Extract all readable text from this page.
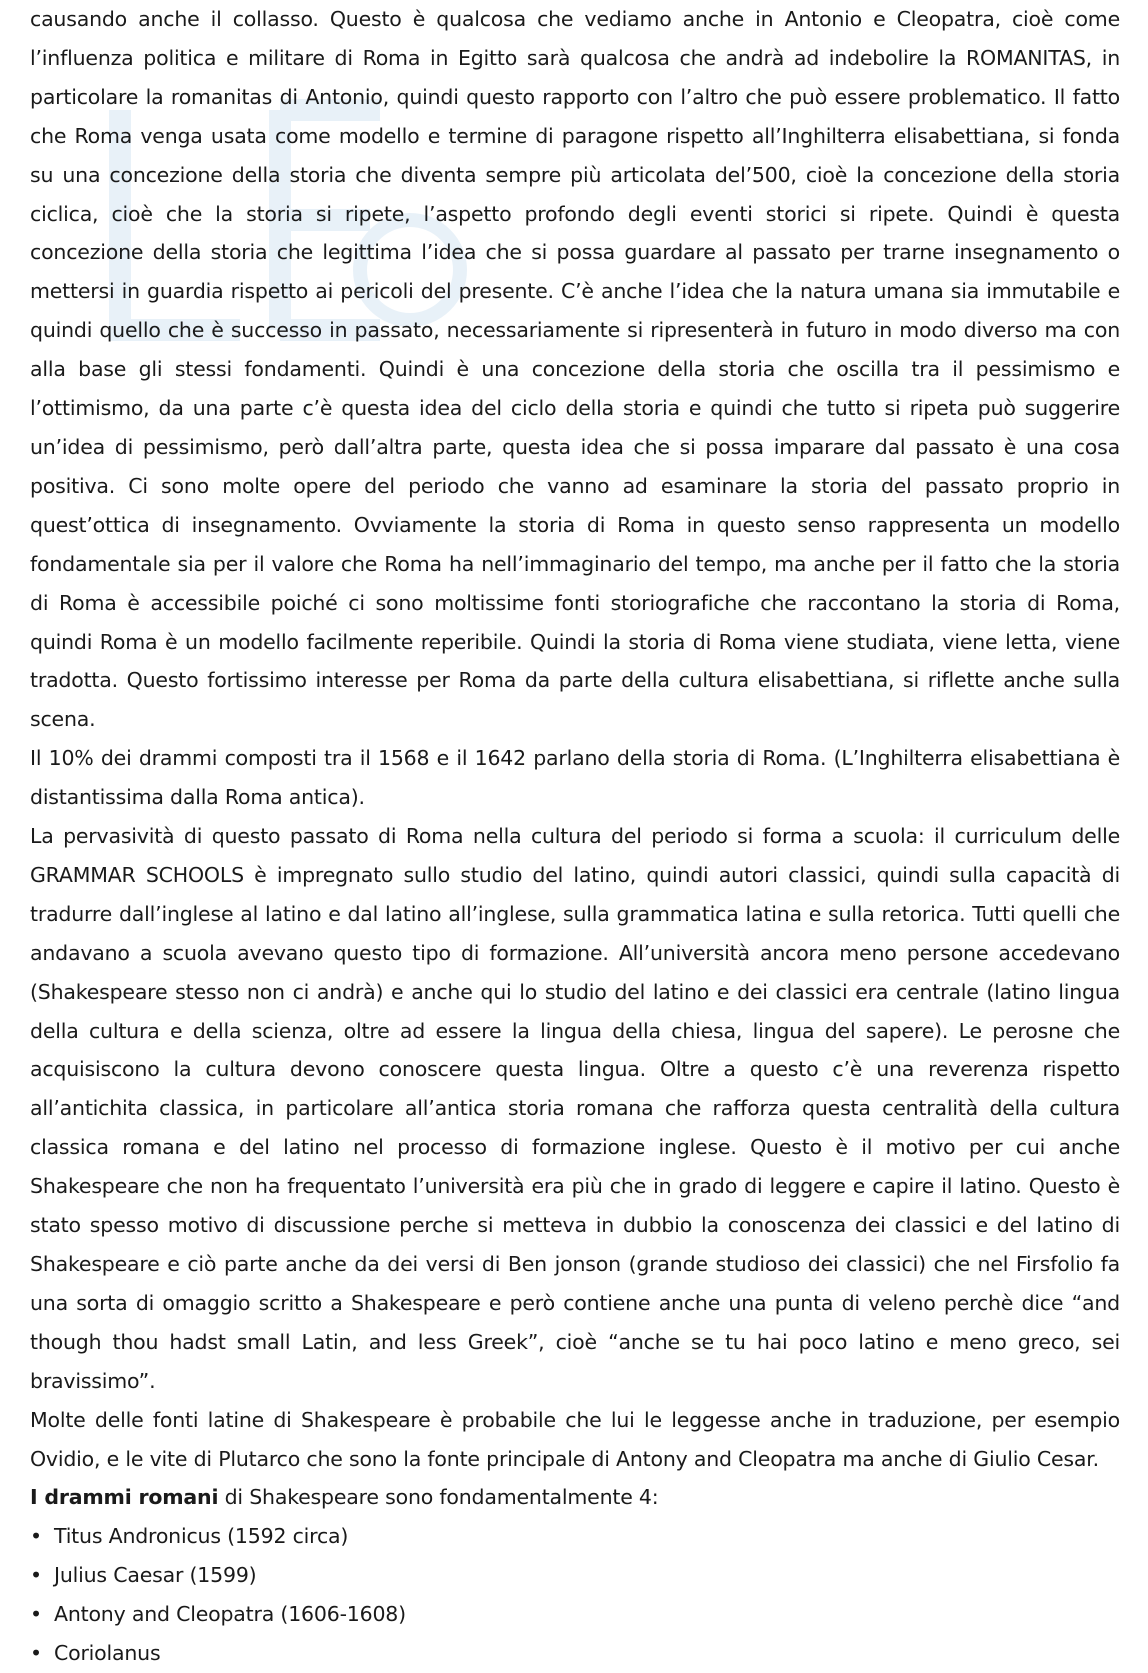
causando anche il collasso. Questo è qualcosa che vediamo anche in Antonio e Cleopatra, cioè come l’influenza politica e militare di Roma in Egitto sarà qualcosa che andrà ad indebolire la ROMANITAS, in particolare la romanitas di Antonio, quindi questo rapporto con l’altro che può essere problematico. Il fatto che Roma venga usata come modello e termine di paragone rispetto all’Inghilterra elisabettiana, si fonda su una concezione della storia che diventa sempre più articolata del’500, cioè la concezione della storia ciclica, cioè che la storia si ripete, l’aspetto profondo degli eventi storici si ripete. Quindi è questa concezione della storia che legittima l’idea che si possa guardare al passato per trarne insegnamento o mettersi in guardia rispetto ai pericoli del presente. C’è anche l’idea che la natura umana sia immutabile e quindi quello che è successo in passato, necessariamente si ripresenterà in futuro in modo diverso ma con alla base gli stessi fondamenti. Quindi è una concezione della storia che oscilla tra il pessimismo e l’ottimismo, da una parte c’è questa idea del ciclo della storia e quindi che tutto si ripeta può suggerire un’idea di pessimismo, però dall’altra parte, questa idea che si possa imparare dal passato è una cosa positiva. Ci sono molte opere del periodo che vanno ad esaminare la storia del passato proprio in quest’ottica di insegnamento. Ovviamente la storia di Roma in questo senso rappresenta un modello fondamentale sia per il valore che Roma ha nell’immaginario del tempo, ma anche per il fatto che la storia di Roma è accessibile poiché ci sono moltissime fonti storiografiche che raccontano la storia di Roma, quindi Roma è un modello facilmente reperibile. Quindi la storia di Roma viene studiata, viene letta, viene tradotta. Questo fortissimo interesse per Roma da parte della cultura elisabettiana, si riflette anche sulla scena.

Il 10% dei drammi composti tra il 1568 e il 1642 parlano della storia di Roma. (L’Inghilterra elisabettiana è distantissima dalla Roma antica).

La pervasività di questo passato di Roma nella cultura del periodo si forma a scuola: il curriculum delle GRAMMAR SCHOOLS è impregnato sullo studio del latino, quindi autori classici, quindi sulla capacità di tradurre dall’inglese al latino e dal latino all’inglese, sulla grammatica latina e sulla retorica. Tutti quelli che andavano a scuola avevano questo tipo di formazione. All’università ancora meno persone accedevano (Shakespeare stesso non ci andrà) e anche qui lo studio del latino e dei classici era centrale (latino lingua della cultura e della scienza, oltre ad essere la lingua della chiesa, lingua del sapere). Le perosne che acquisiscono la cultura devono conoscere questa lingua. Oltre a questo c’è una reverenza rispetto all’antichita classica, in particolare all’antica storia romana che rafforza questa centralità della cultura classica romana e del latino nel processo di formazione inglese. Questo è il motivo per cui anche Shakespeare che non ha frequentato l’università era più che in grado di leggere e capire il latino. Questo è stato spesso motivo di discussione perche si metteva in dubbio la conoscenza dei classici e del latino di Shakespeare e ciò parte anche da dei versi di Ben jonson (grande studioso dei classici) che nel Firsfolio fa una sorta di omaggio scritto a Shakespeare e però contiene anche una punta di veleno perchè dice “and though thou hadst small Latin, and less Greek”, cioè “anche se tu hai poco latino e meno greco, sei bravissimo”.

Molte delle fonti latine di Shakespeare è probabile che lui le leggesse anche in traduzione, per esempio Ovidio, e le vite di Plutarco che sono la fonte principale di Antony and Cleopatra ma anche di Giulio Cesar.

I drammi romani di Shakespeare sono fondamentalmente 4:

• Titus Andronicus (1592 circa)
• Julius Caesar (1599)
• Antony and Cleopatra (1606-1608)
• Coriolanus
